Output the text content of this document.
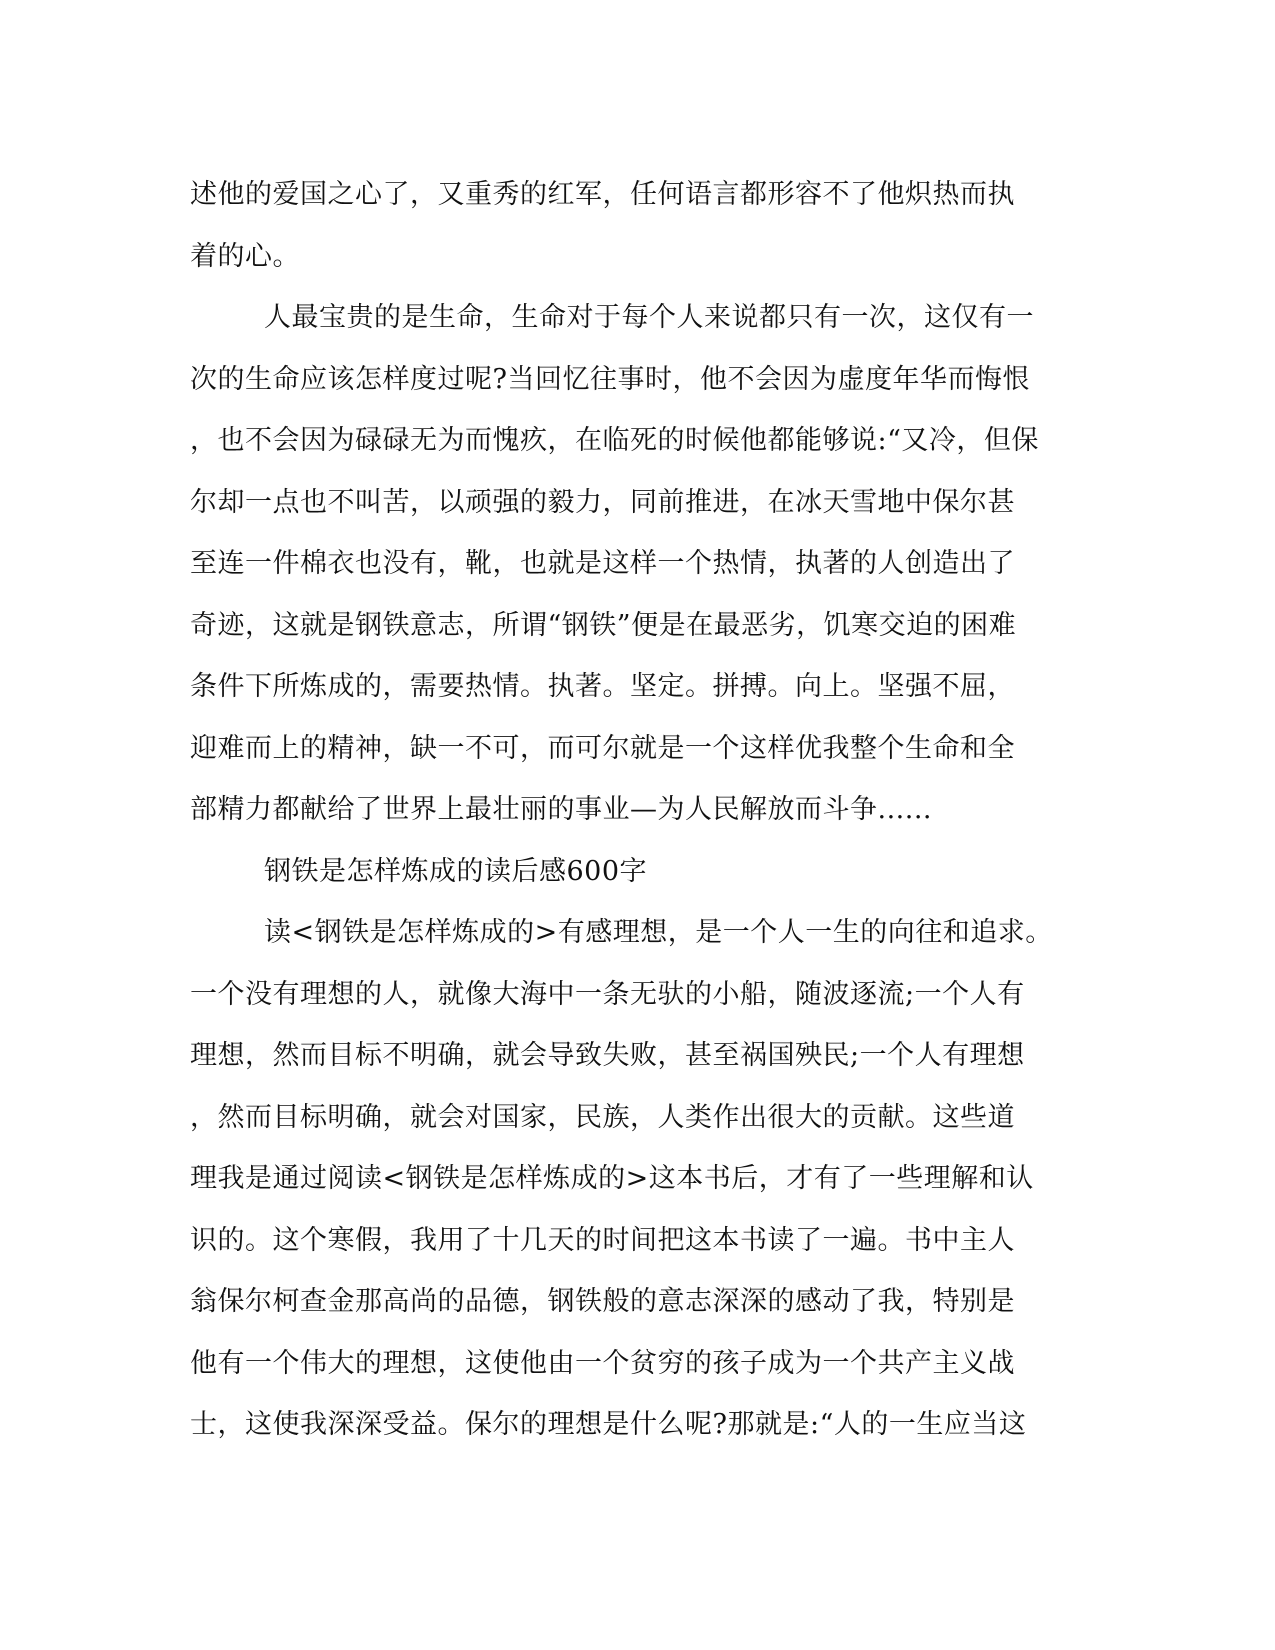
述他的爱国之心了，又重秀的红军，任何语言都形容不了他炽热而执
着的心。
人最宝贵的是生命，生命对于每个人来说都只有一次，这仅有一
次的生命应该怎样度过呢?当回忆往事时，他不会因为虚度年华而悔恨
，也不会因为碌碌无为而愧疚，在临死的时候他都能够说:“又冷，但保
尔却一点也不叫苦，以顽强的毅力，同前推进，在冰天雪地中保尔甚
至连一件棉衣也没有，靴，也就是这样一个热情，执著的人创造出了
奇迹，这就是钢铁意志，所谓“钢铁”便是在最恶劣，饥寒交迫的困难
条件下所炼成的，需要热情。执著。坚定。拼搏。向上。坚强不屈，
迎难而上的精神，缺一不可，而可尔就是一个这样优我整个生命和全
部精力都献给了世界上最壮丽的事业—为人民解放而斗争......
钢铁是怎样炼成的读后感600字
读<钢铁是怎样炼成的>有感理想，是一个人一生的向往和追求。
一个没有理想的人，就像大海中一条无驮的小船，随波逐流;一个人有
理想，然而目标不明确，就会导致失败，甚至祸国殃民;一个人有理想
，然而目标明确，就会对国家，民族，人类作出很大的贡献。这些道
理我是通过阅读<钢铁是怎样炼成的>这本书后，才有了一些理解和认
识的。这个寒假，我用了十几天的时间把这本书读了一遍。书中主人
翁保尔柯查金那高尚的品德，钢铁般的意志深深的感动了我，特别是
他有一个伟大的理想，这使他由一个贫穷的孩子成为一个共产主义战
士，这使我深深受益。保尔的理想是什么呢?那就是:“人的一生应当这
